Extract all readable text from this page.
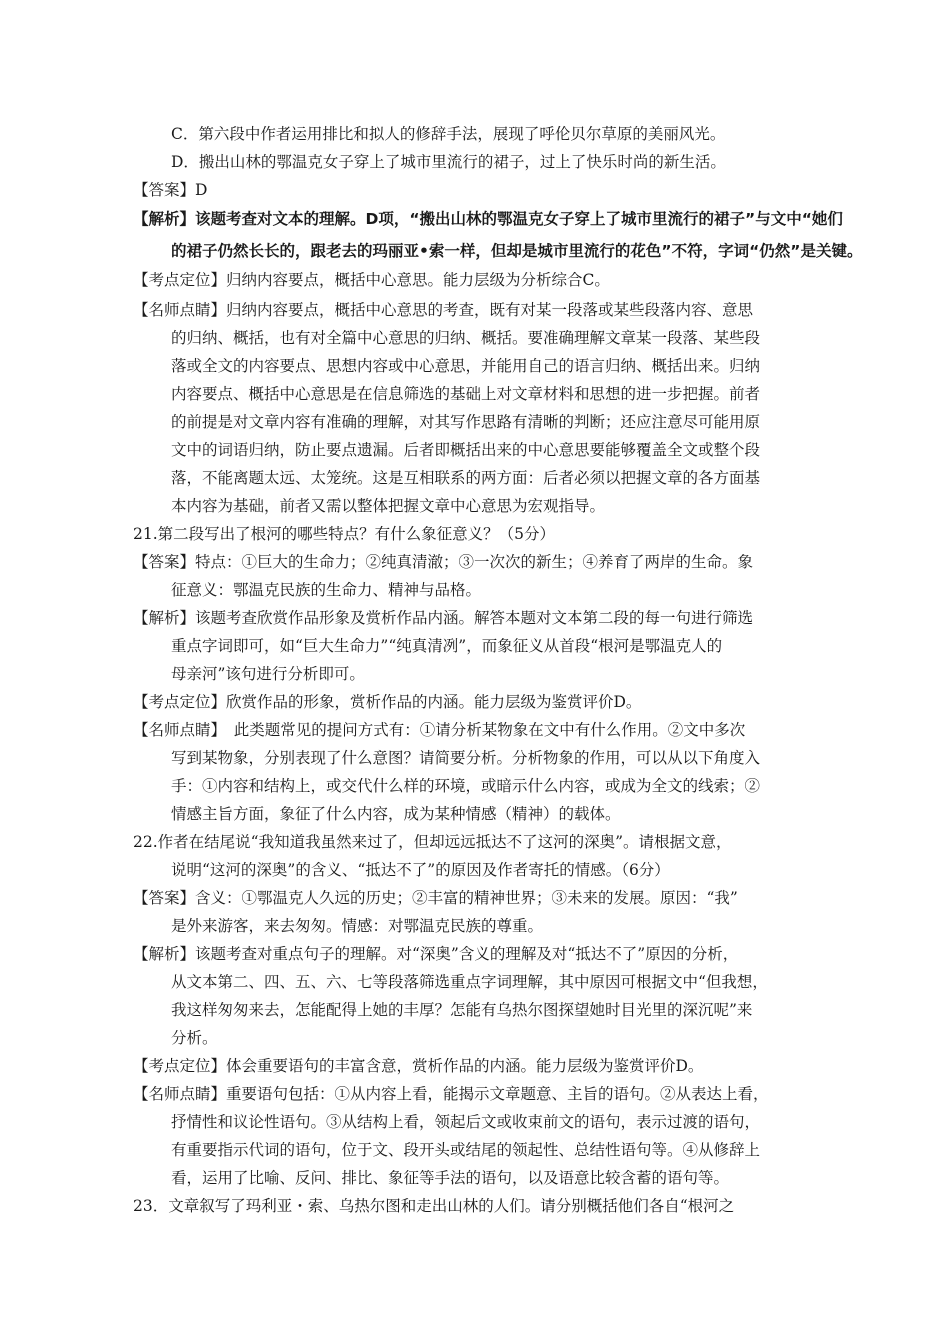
C．第六段中作者运用排比和拟人的修辞手法，展现了呼伦贝尔草原的美丽风光。
D．搬出山林的鄂温克女子穿上了城市里流行的裙子，过上了快乐时尚的新生活。
【答案】D
【解析】该题考查对文本的理解。D项，“搬出山林的鄂温克女子穿上了城市里流行的裙子”与文中“她们
的裙子仍然长长的，跟老去的玛丽亚•索一样，但却是城市里流行的花色”不符，字词“仍然”是关键。
【考点定位】归纳内容要点，概括中心意思。能力层级为分析综合C。
【名师点睛】归纳内容要点，概括中心意思的考查，既有对某一段落或某些段落内容、意思
的归纳、概括，也有对全篇中心意思的归纳、概括。要准确理解文章某一段落、某些段
落或全文的内容要点、思想内容或中心意思，并能用自己的语言归纳、概括出来。归纳
内容要点、概括中心意思是在信息筛选的基础上对文章材料和思想的进一步把握。前者
的前提是对文章内容有准确的理解，对其写作思路有清晰的判断；还应注意尽可能用原
文中的词语归纳，防止要点遗漏。后者即概括出来的中心意思要能够覆盖全文或整个段
落，不能离题太远、太笼统。这是互相联系的两方面：后者必须以把握文章的各方面基
本内容为基础，前者又需以整体把握文章中心意思为宏观指导。
21.第二段写出了根河的哪些特点？有什么象征意义？（5分）
【答案】特点：①巨大的生命力；②纯真清澈；③一次次的新生；④养育了两岸的生命。象
征意义：鄂温克民族的生命力、精神与品格。
【解析】该题考查欣赏作品形象及赏析作品内涵。解答本题对文本第二段的每一句进行筛选
重点字词即可，如“巨大生命力”“纯真清冽”，而象征义从首段“根河是鄂温克人的
母亲河”该句进行分析即可。
【考点定位】欣赏作品的形象，赏析作品的内涵。能力层级为鉴赏评价D。
【名师点睛】　此类题常见的提问方式有：①请分析某物象在文中有什么作用。②文中多次
写到某物象，分别表现了什么意图？请简要分析。分析物象的作用，可以从以下角度入
手：①内容和结构上，或交代什么样的环境，或暗示什么内容，或成为全文的线索；②
情感主旨方面，象征了什么内容，成为某种情感（精神）的载体。
22.作者在结尾说“我知道我虽然来过了，但却远远抵达不了这河的深奥”。请根据文意，
说明“这河的深奥”的含义、“抵达不了”的原因及作者寄托的情感。（6分）
【答案】含义：①鄂温克人久远的历史；②丰富的精神世界；③未来的发展。原因：“我”
是外来游客，来去匆匆。情感：对鄂温克民族的尊重。
【解析】该题考查对重点句子的理解。对“深奥”含义的理解及对“抵达不了”原因的分析，
从文本第二、四、五、六、七等段落筛选重点字词理解，其中原因可根据文中“但我想，
我这样匆匆来去，怎能配得上她的丰厚？怎能有乌热尔图探望她时目光里的深沉呢”来
分析。
【考点定位】体会重要语句的丰富含意，赏析作品的内涵。能力层级为鉴赏评价D。
【名师点睛】重要语句包括：①从内容上看，能揭示文章题意、主旨的语句。②从表达上看，
抒情性和议论性语句。③从结构上看，领起后文或收束前文的语句，表示过渡的语句，
有重要指示代词的语句，位于文、段开头或结尾的领起性、总结性语句等。④从修辞上
看，运用了比喻、反问、排比、象征等手法的语句，以及语意比较含蓄的语句等。
23．文章叙写了玛利亚・索、乌热尔图和走出山林的人们。请分别概括他们各自“根河之
